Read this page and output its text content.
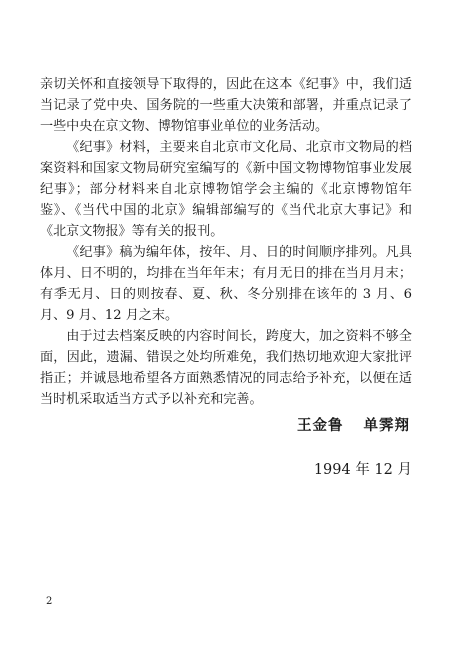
亲切关怀和直接领导下取得的，因此在这本《纪事》中，我们适当记录了党中央、国务院的一些重大决策和部署，并重点记录了一些中央在京文物、博物馆事业单位的业务活动。

《纪事》材料，主要来自北京市文化局、北京市文物局的档案资料和国家文物局研究室编写的《新中国文物博物馆事业发展纪事》；部分材料来自北京博物馆学会主编的《北京博物馆年鉴》、《当代中国的北京》编辑部编写的《当代北京大事记》和《北京文物报》等有关的报刊。

《纪事》稿为编年体，按年、月、日的时间顺序排列。凡具体月、日不明的，均排在当年年末；有月无日的排在当月月末；有季无月、日的则按春、夏、秋、冬分别排在该年的 3 月、6 月、9 月、12 月之末。

由于过去档案反映的内容时间长，跨度大，加之资料不够全面，因此，遗漏、错误之处均所难免，我们热切地欢迎大家批评指正；并诚恳地希望各方面熟悉情况的同志给予补充，以便在适当时机采取适当方式予以补充和完善。

王金鲁 单霁翔
1994 年 12 月
2
